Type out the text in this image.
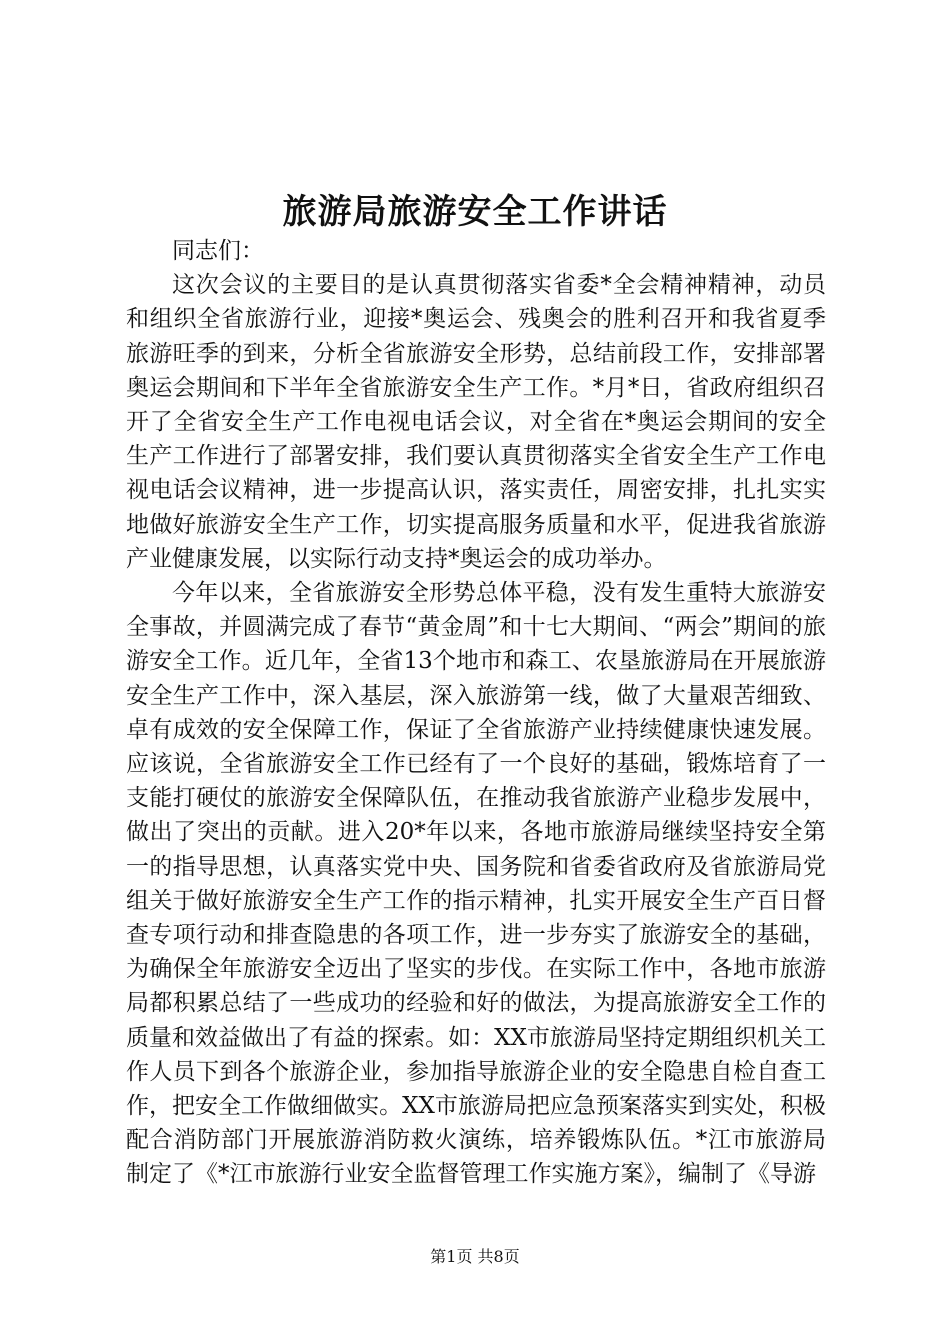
旅游局旅游安全工作讲话

同志们：

这次会议的主要目的是认真贯彻落实省委*全会精神精神，动员和组织全省旅游行业，迎接*奥运会、残奥会的胜利召开和我省夏季旅游旺季的到来，分析全省旅游安全形势，总结前段工作，安排部署奥运会期间和下半年全省旅游安全生产工作。*月*日，省政府组织召开了全省安全生产工作电视电话会议，对全省在*奥运会期间的安全生产工作进行了部署安排，我们要认真贯彻落实全省安全生产工作电视电话会议精神，进一步提高认识，落实责任，周密安排，扎扎实实地做好旅游安全生产工作，切实提高服务质量和水平，促进我省旅游产业健康发展，以实际行动支持*奥运会的成功举办。

今年以来，全省旅游安全形势总体平稳，没有发生重特大旅游安全事故，并圆满完成了春节“黄金周”和十七大期间、“两会”期间的旅游安全工作。近几年，全省13个地市和森工、农垦旅游局在开展旅游安全生产工作中，深入基层，深入旅游第一线，做了大量艰苦细致、卓有成效的安全保障工作，保证了全省旅游产业持续健康快速发展。应该说，全省旅游安全工作已经有了一个良好的基础，锻炼培育了一支能打硬仗的旅游安全保障队伍，在推动我省旅游产业稳步发展中，做出了突出的贡献。进入20*年以来，各地市旅游局继续坚持安全第一的指导思想，认真落实党中央、国务院和省委省政府及省旅游局党组关于做好旅游安全生产工作的指示精神，扎实开展安全生产百日督查专项行动和排查隐患的各项工作，进一步夯实了旅游安全的基础，为确保全年旅游安全迈出了坚实的步伐。在实际工作中，各地市旅游局都积累总结了一些成功的经验和好的做法，为提高旅游安全工作的质量和效益做出了有益的探索。如：XX市旅游局坚持定期组织机关工作人员下到各个旅游企业，参加指导旅游企业的安全隐患自检自查工作，把安全工作做细做实。XX市旅游局把应急预案落实到实处，积极配合消防部门开展旅游消防救火演练，培养锻炼队伍。*江市旅游局制定了《*江市旅游行业安全监督管理工作实施方案》，编制了《导游

第1页 共8页
